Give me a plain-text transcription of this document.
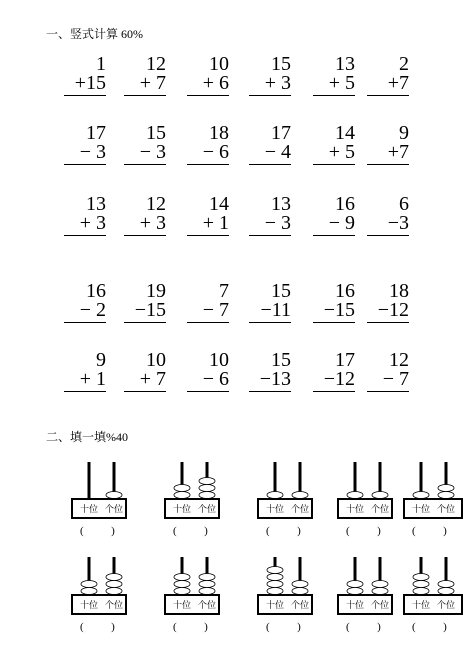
一、竖式计算 60%
二、填一填%40
1
+15
12
+ 7
10
+ 6
15
+ 3
13
+ 5
2
+7
17
− 3
15
− 3
18
− 6
17
− 4
14
+ 5
9
+7
13
+ 3
12
+ 3
14
+ 1
13
− 3
16
− 9
6
−3
16
− 2
19
−15
7
− 7
15
−11
16
−15
18
−12
9
+ 1
10
+ 7
10
− 6
15
−13
17
−12
12
− 7
十位 个位	十位 个位	十位 个位	十位 个位	十位 个位
十位 个位	十位 个位	十位 个位	十位 个位	十位 个位
(          )	(          )	(          )	(          )	(          )
(          )	(          )	(          )	(          )	(          )
